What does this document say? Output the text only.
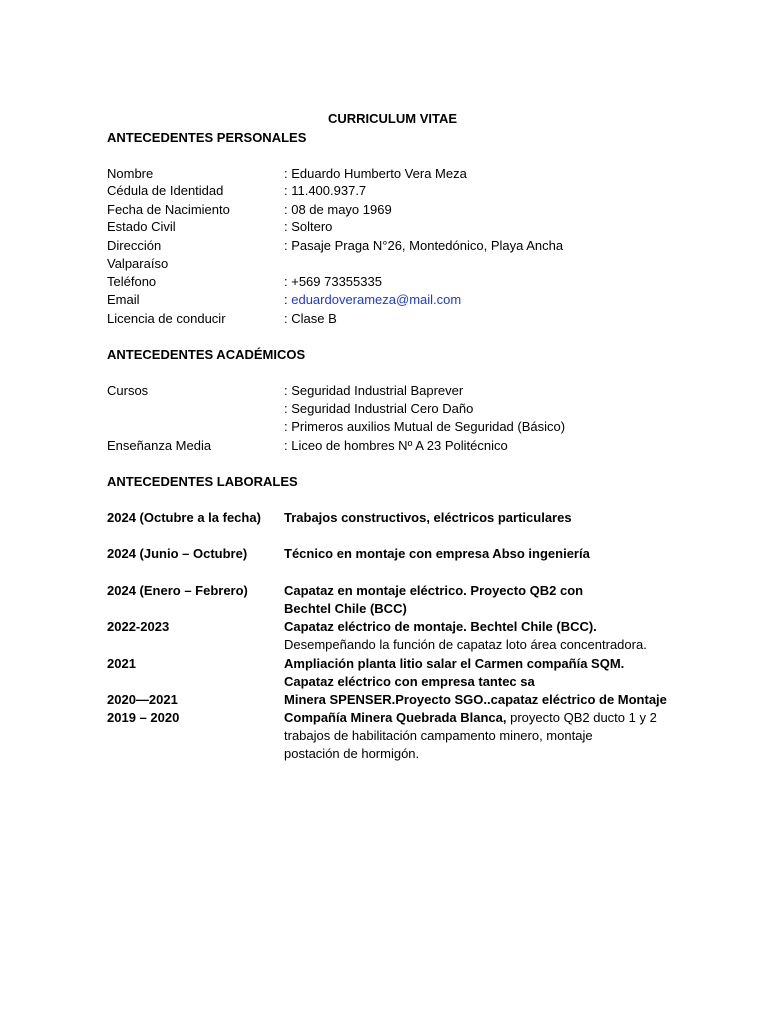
CURRICULUM VITAE
ANTECEDENTES PERSONALES
Nombre	: Eduardo Humberto Vera Meza
Cédula de Identidad	: 11.400.937.7
Fecha de Nacimiento	: 08 de mayo 1969
Estado Civil	: Soltero
Dirección	: Pasaje Praga N°26, Montedónico, Playa Ancha
Valparaíso
Teléfono	: +569 73355335
Email	: eduardoverameza@mail.com
Licencia de conducir	: Clase B
ANTECEDENTES ACADÉMICOS
Cursos	: Seguridad Industrial Baprever
: Seguridad Industrial Cero Daño
: Primeros auxilios Mutual de Seguridad (Básico)
Enseñanza Media	: Liceo de hombres Nº A 23 Politécnico
ANTECEDENTES LABORALES
2024 (Octubre a la fecha) Trabajos constructivos, eléctricos particulares
2024 (Junio – Octubre)	Técnico en montaje con empresa Abso ingeniería
2024 (Enero – Febrero)	Capataz en montaje eléctrico. Proyecto QB2 con
Bechtel Chile (BCC)
2022-2023	Capataz eléctrico de montaje. Bechtel Chile (BCC).
Desempeñando la función de capataz loto área concentradora.
2021	Ampliación planta litio salar el Carmen compañía SQM.
Capataz eléctrico con empresa tantec sa
2020—2021	Minera SPENSER.Proyecto SGO..capataz eléctrico de Montaje
2019 – 2020	Compañía Minera Quebrada Blanca, proyecto QB2 ducto 1 y 2
trabajos de habilitación campamento minero, montaje
postación de hormigón.
